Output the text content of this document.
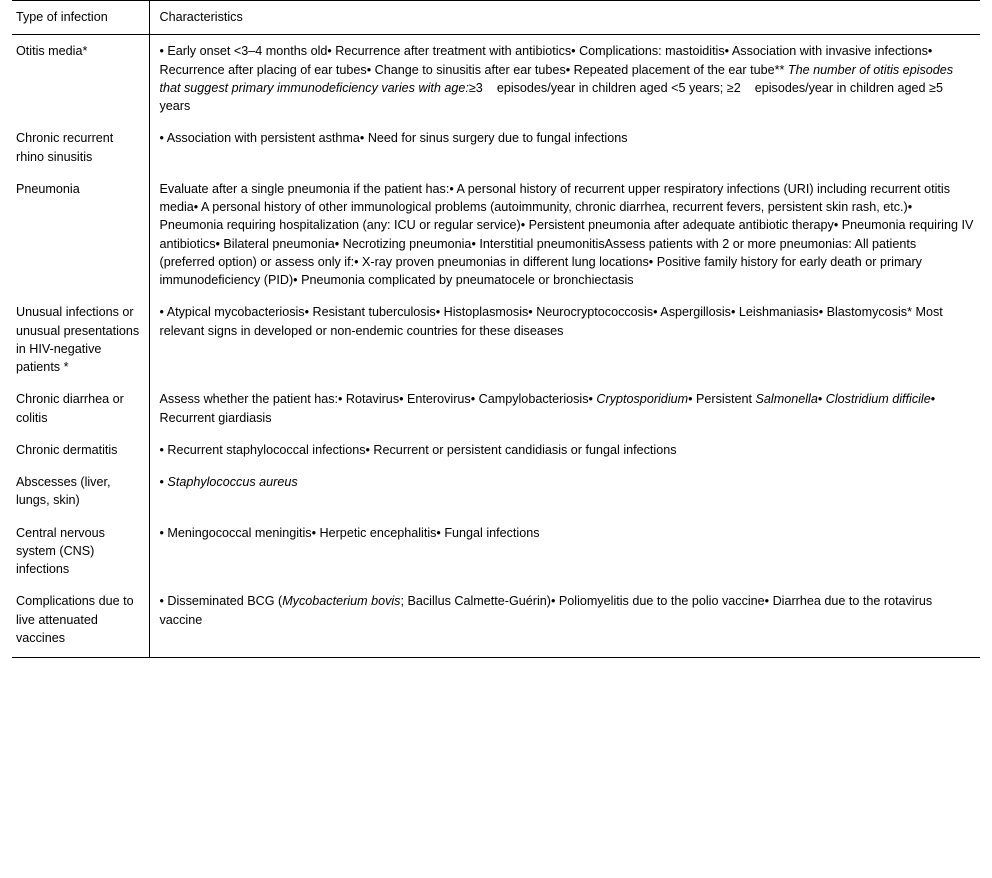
Type of infection	Characteristics
Otitis media*	• Early onset <3–4 months old• Recurrence after treatment with antibiotics• Complications: mastoiditis• Association with invasive infections• Recurrence after placing of ear tubes• Change to sinusitis after ear tubes• Repeated placement of the ear tube** The number of otitis episodes that suggest primary immunodeficiency varies with age:≥3 episodes/year in children aged <5 years; ≥2 episodes/year in children aged ≥5 years
Chronic recurrent rhino sinusitis	• Association with persistent asthma• Need for sinus surgery due to fungal infections
Pneumonia	Evaluate after a single pneumonia if the patient has:• A personal history of recurrent upper respiratory infections (URI) including recurrent otitis media• A personal history of other immunological problems (autoimmunity, chronic diarrhea, recurrent fevers, persistent skin rash, etc.)• Pneumonia requiring hospitalization (any: ICU or regular service)• Persistent pneumonia after adequate antibiotic therapy• Pneumonia requiring IV antibiotics• Bilateral pneumonia• Necrotizing pneumonia• Interstitial pneumonitisAssess patients with 2 or more pneumonias: All patients (preferred option) or assess only if:• X-ray proven pneumonias in different lung locations• Positive family history for early death or primary immunodeficiency (PID)• Pneumonia complicated by pneumatocele or bronchiectasis
Unusual infections or unusual presentations in HIV-negative patients *	• Atypical mycobacteriosis• Resistant tuberculosis• Histoplasmosis• Neurocryptococcosis• Aspergillosis• Leishmaniasis• Blastomycosis* Most relevant signs in developed or non-endemic countries for these diseases
Chronic diarrhea or colitis	Assess whether the patient has:• Rotavirus• Enterovirus• Campylobacteriosis• Cryptosporidium• Persistent Salmonella• Clostridium difficile• Recurrent giardiasis
Chronic dermatitis	• Recurrent staphylococcal infections• Recurrent or persistent candidiasis or fungal infections
Abscesses (liver, lungs, skin)	• Staphylococcus aureus
Central nervous system (CNS) infections	• Meningococcal meningitis• Herpetic encephalitis• Fungal infections
Complications due to live attenuated vaccines	• Disseminated BCG (Mycobacterium bovis; Bacillus Calmette-Guérin)• Poliomyelitis due to the polio vaccine• Diarrhea due to the rotavirus vaccine
